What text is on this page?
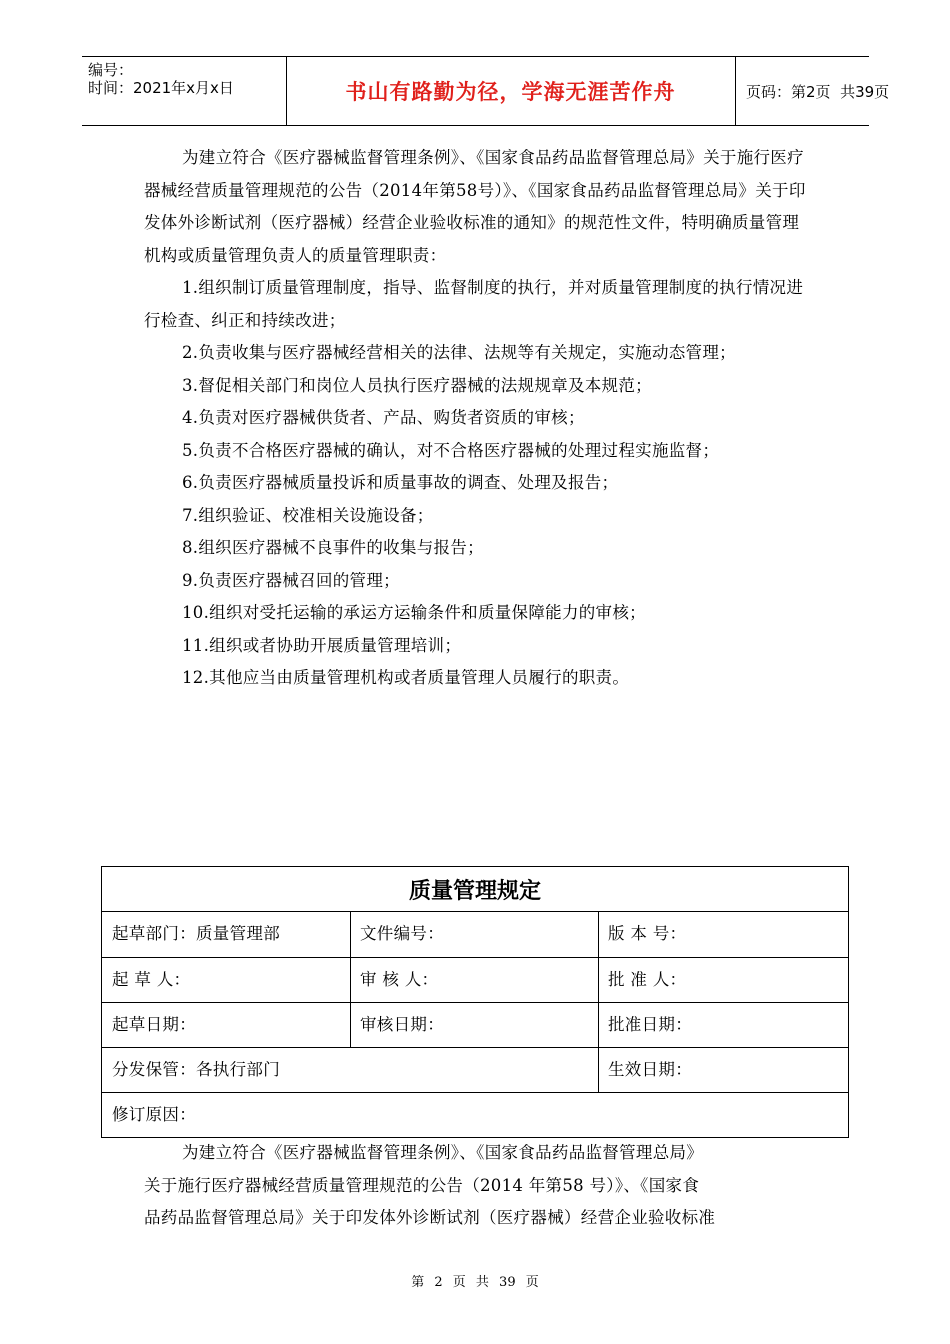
编号：
时间：2021年x月x日	书山有路勤为径，学海无涯苦作舟	页码：第2页  共39页

为建立符合《医疗器械监督管理条例》、《国家食品药品监督管理总局》关于施行医疗器械经营质量管理规范的公告（2014年第58号）》、《国家食品药品监督管理总局》关于印发体外诊断试剂（医疗器械）经营企业验收标准的通知》的规范性文件，特明确质量管理机构或质量管理负责人的质量管理职责：

1.组织制订质量管理制度，指导、监督制度的执行，并对质量管理制度的执行情况进行检查、纠正和持续改进；

2.负责收集与医疗器械经营相关的法律、法规等有关规定，实施动态管理；

3.督促相关部门和岗位人员执行医疗器械的法规规章及本规范；

4.负责对医疗器械供货者、产品、购货者资质的审核；

5.负责不合格医疗器械的确认，对不合格医疗器械的处理过程实施监督；

6.负责医疗器械质量投诉和质量事故的调查、处理及报告；

7.组织验证、校准相关设施设备；

8.组织医疗器械不良事件的收集与报告；

9.负责医疗器械召回的管理；

10.组织对受托运输的承运方运输条件和质量保障能力的审核；

11.组织或者协助开展质量管理培训；

12.其他应当由质量管理机构或者质量管理人员履行的职责。

质量管理规定
起草部门：质量管理部	文件编号：	版 本 号：
起 草 人：	审 核 人：	批 准 人：
起草日期：	审核日期：	批准日期：
分发保管：各执行部门	生效日期：
修订原因：

为建立符合《医疗器械监督管理条例》、《国家食品药品监督管理总局》

关于施行医疗器械经营质量管理规范的公告（2014 年第58 号）》、《国家食

品药品监督管理总局》关于印发体外诊断试剂（医疗器械）经营企业验收标准

第 2 页 共 39 页
